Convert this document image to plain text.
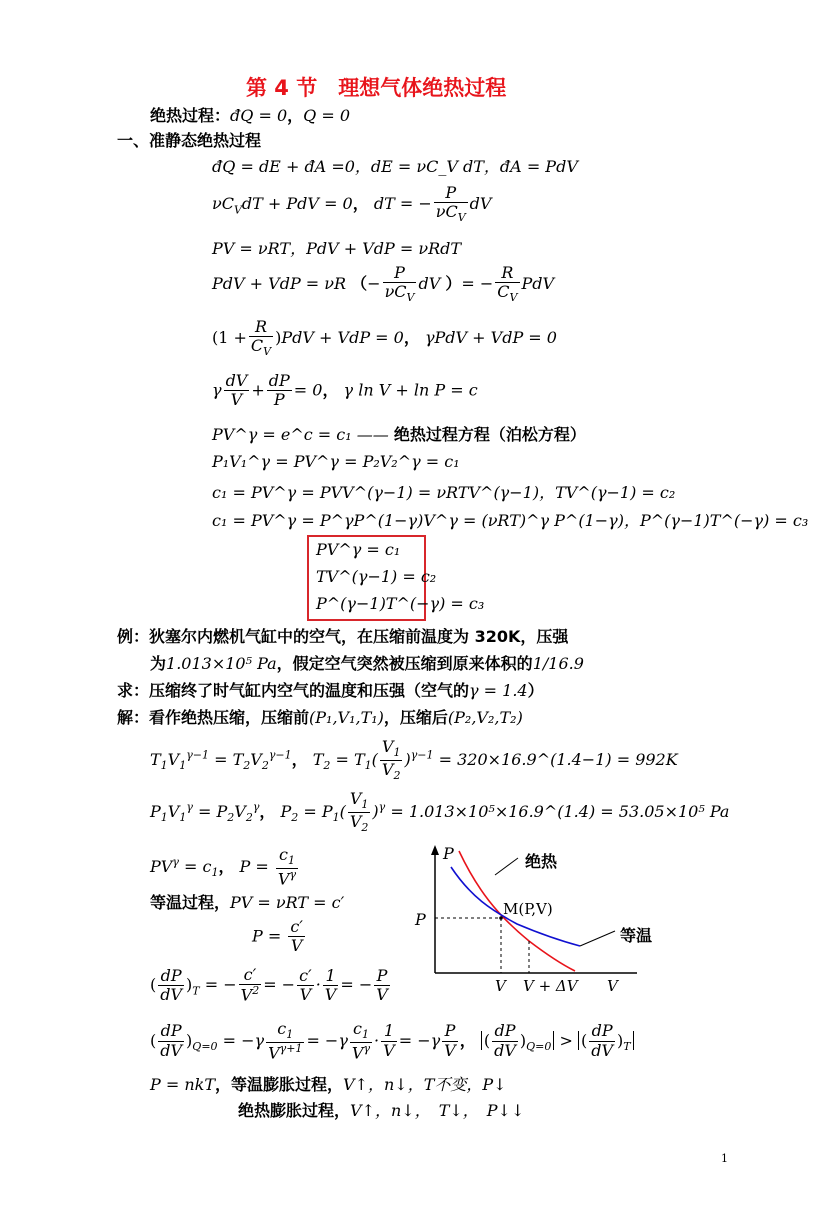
第 4 节　理想气体绝热过程
绝热过程：đQ = 0，Q = 0
一、准静态绝热过程
đQ = dE + đA =0，dE = νC_V dT，đA = PdV
$\nu C_VdT$ + PdV = 0， dT = − $\frac{P}{\nu C_V}$ dV
PV = νRT，PdV + VdP = νRdT
PdV + VdP = νR （− $\frac{P}{\nu C_V}$ dV ）= − $\frac{R}{C_V}$ PdV
$(1 + \frac{R}{C_V} )PdV$ + VdP = 0， γPdV + VdP = 0
γ $\frac{dV}{V} + \frac{dP}{P} = 0$， γ ln V + ln P = c
PV^γ = e^c = c₁ —— 绝热过程方程（泊松方程）
P₁V₁^γ = PV^γ = P₂V₂^γ = c₁
c₁ = PV^γ = PVV^(γ−1) = νRTV^(γ−1)，TV^(γ−1) = c₂
c₁ = PV^γ = P^γP^(1−γ)V^γ = (νRT)^γ P^(1−γ)，P^(γ−1)T^(−γ) = c₃
PV^γ = c₁
TV^(γ−1) = c₂
P^(γ−1)T^(−γ) = c₃
例：狄塞尔内燃机气缸中的空气，在压缩前温度为 320K，压强
为1.013×10⁵ Pa，假定空气突然被压缩到原来体积的1/16.9
求：压缩终了时气缸内空气的温度和压强（空气的γ = 1.4）
解：看作绝热压缩，压缩前(P₁,V₁,T₁)，压缩后(P₂,V₂,T₂)
$T_1V_1^{\gamma-1} = T_2V_2^{\gamma-1}$， $T_2 = T_1( \frac{V_1}{V_2} )^{\gamma-1}$ = 320×16.9^(1.4−1) = 992K
$P_1V_1^\gamma = P_2V_2^\gamma$， $P_2 = P_1( \frac{V_1}{V_2} )^\gamma$ = 1.013×10⁵×16.9^(1.4) = 53.05×10⁵ Pa
$PV^\gamma = c_1$， $P = \frac{c_1}{V^\gamma}$
等温过程，PV = νRT = c′
$P = \frac{c'}{V}$
( $\frac{dP}{dV} )_T$ = − $\frac{c'}{V^2}$ = − $\frac{c'}{V} \cdot \frac{1}{V}$ = − $\frac{P}{V}$
( $\frac{dP}{dV} )_{Q=0} = -\gamma \frac{c_1}{V^{\gamma+1}} = -\gamma \frac{c_1}{V^\gamma} \cdot \frac{1}{V} = -\gamma \frac{P}{V}$ ， ( $\frac{dP}{dV} )_{Q=0}$ > ( $\frac{dP}{dV} )_T$
P = nkT，等温膨胀过程，V↑，n↓，T不变，P↓
绝热膨胀过程，V↑，n↓，　T↓，　P↓↓
P
P
M(P,V)
绝热
等温
V V + ΔV V
1
